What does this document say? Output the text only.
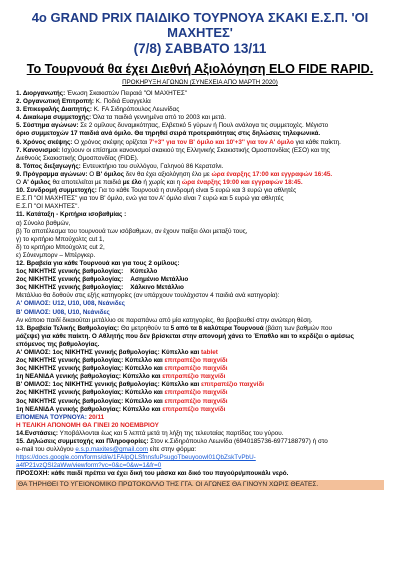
4ο GRAND PRIX ΠΑΙΔΙΚΟ ΤΟΥΡΝΟΥΑ ΣΚΑΚΙ Ε.Σ.Π. 'ΟΙ ΜΑΧΗΤΕΣ'
(7/8) ΣΑΒΒΑΤΟ 13/11
Το Τουρνουά θα έχει Διεθνή Αξιολόγηση ELO FIDE RAPID.
ΠΡΟΚΗΡΥΞΗ ΑΓΩΝΩΝ (ΣΥΝΕΧΕΙΑ ΑΠΟ ΜΑΡΤΗ 2020)
1. Διοργανωτής: Ένωση Σκακιστών Πειραιά "ΟΙ ΜΑΧΗΤΕΣ"
2. Οργανωτική Επιτροπή: Κ. Ποδιά Ευαγγελία
3. Επικεφαλής Διαιτητής: Κ. FA Σιδηρόπουλος Λεωνίδας
4. Δικαίωμα συμμετοχής: Όλα τα παιδιά γεννημένα από το 2003 και μετά.
5. Σύστημα αγώνων: Σε 2 ομίλους δυναμικότητας, Ελβετικό 5 γύρων ή Πουλ ανάλογα τις συμμετοχές. Μέγιστο
όριο συμμετοχών 17 παιδιά ανά όμιλο. Θα τηρηθεί σειρά προτεραιότητας στις δηλώσεις τηλεφωνικά.
6. Χρόνος σκέψης: Ο χρόνος σκέψης ορίζεται 7'+3'' για τον Β' όμιλο και 10'+3'' για τον Α' όμιλο για κάθε παίκτη.
7. Κανονισμοί: Ισχύουν οι επίσημοι κανονισμοί σκακιού της Ελληνικής Σκακιστικής Ομοσπονδίας (ΕΣΟ) και της
Διεθνούς Σκακιστικής Ομοσπονδίας (FIDE).
8. Τόπος διεξαγωγής: Εντευκτήριο του συλλόγου, Γαληνού 86 Κερατσίνι.
9. Πρόγραμμα αγώνων: Ο Β' όμιλος δεν θα έχει αξιολόγηση έλο με ώρα έναρξης 17:00 και εγγραφών 16:45.
Ο Α' όμιλος θα αποτελείται με παιδιά με έλο ή χωρίς και η ώρα έναρξης 19:00 και εγγραφών 18:45.
10. Συνδρομή συμμετοχής: Για το κάθε Τουρνουά η συνδρομή είναι 5 ευρώ και 3 ευρώ για αθλητές
Ε.Σ.Π "ΟΙ ΜΑΧΗΤΕΣ" για τον Β' όμιλο, ενώ για τον Α' όμιλο είναι 7 ευρώ και 5 ευρώ για αθλητές
Ε.Σ.Π "ΟΙ ΜΑΧΗΤΕΣ".
11. Κατάταξη - Κριτήρια ισοβαθμίας :
α) Σύνολο βαθμών,
β) Το αποτέλεσμα του τουρνουά των ισόβαθμων, αν έχουν παίξει όλοι μεταξύ τους,
γ) το κριτήριο Μπούχολτς cut 1,
δ) το κριτήριο Μπούχολτς cut 2,
ε) Σόνενμπορν – Μπέργκερ.
12. Βραβεία για κάθε Τουρνουά και για τους 2 ομίλους:
1ος ΝΙΚΗΤΗΣ γενικής βαθμολογίας: Κύπελλο
2ος ΝΙΚΗΤΗΣ γενικής βαθμολογίας: Ασημένιο Μετάλλιο
3ος ΝΙΚΗΤΗΣ γενικής βαθμολογίας: Χάλκινο Μετάλλιο
Μετάλλιο θα δοθούν στις εξής κατηγορίες (αν υπάρχουν τουλάχιστον 4 παιδιά ανά κατηγορία):
Α' ΟΜΙΛΟΣ: U12, U10, U08, Νεάνιδες
Β' ΟΜΙΛΟΣ: U08, U10, Νεάνιδες
Αν κάποιο παιδί δικαιούται μετάλλιο σε παραπάνω από μία κατηγορίες, θα βραβευθεί στην ανώτερη θέση.
13. Βραβεία Τελικής Βαθμολογίας: Θα μετρηθούν τα 5 από τα 8 καλύτερα Τουρνουά (βάση των βαθμών που
μάζεψε) για κάθε παίκτη. Ο Αθλητής που δεν βρίσκεται στην απονομή χάνει το Έπαθλο και το κερδίζει ο αμέσως
επόμενος της βαθμολογίας.
Α' ΟΜΙΛΟΣ: 1ος ΝΙΚΗΤΗΣ γενικής βαθμολογίας: Κύπελλο και tablet
2ος ΝΙΚΗΤΗΣ γενικής βαθμολογίας: Κύπελλο και επιτραπέζιο παιχνίδι
3ος ΝΙΚΗΤΗΣ γενικής βαθμολογίας: Κύπελλο και επιτραπέζιο παιχνίδι
1η ΝΕΑΝΙΔΑ γενικής βαθμολογίας: Κύπελλο και επιτραπέζιο παιχνίδι
Β' ΟΜΙΛΟΣ: 1ος ΝΙΚΗΤΗΣ γενικής βαθμολογίας: Κύπελλο και επιτραπέζιο παιχνίδι
2ος ΝΙΚΗΤΗΣ γενικής βαθμολογίας: Κύπελλο και επιτραπέζιο παιχνίδι
3ος ΝΙΚΗΤΗΣ γενικής βαθμολογίας: Κύπελλο και επιτραπέζιο παιχνίδι
1η ΝΕΑΝΙΔΑ γενικής βαθμολογίας: Κύπελλο και επιτραπέζιο παιχνίδι
ΕΠΟΜΕΝΑ ΤΟΥΡΝΟΥΑ: 20/11
Η ΤΕΛΙΚΗ ΑΠΟΝΟΜΗ ΘΑ ΓΙΝΕΙ 20 ΝΟΕΜΒΡΙΟΥ
14.Ενστάσεις: Υποβάλλονται έως και 5 λεπτά μετά τη λήξη της τελευταίας παρτίδας του γύρου.
15. Δηλώσεις συμμετοχής και Πληροφορίες: Στον κ.Σιδηρόπουλο Λεωνίδα (6940185736-6977188797) ή στο
e-mail του συλλόγου e.s.p.maxites@gmail.com είτε στην φόρμα:
https://docs.google.com/forms/d/e/1FAIpQLSfnnsfuPsugoTbeuyoowI01QbZskTvPbU-
a4fP21vzQSI2aWw/viewform?vc=0&c=0&w=1&fr=0
ΠΡΟΣΟΧΗ: κάθε παιδί πρέπει να έχει δική του μάσκα και δικό του παγούρι/μπουκάλι νερό.
ΘΑ ΤΗΡΗΘΕΙ ΤΟ ΥΓΕΙΟΝΟΜΙΚΟ ΠΡΩΤΟΚΟΛΛΟ ΤΗΣ ΓΓΑ. ΟΙ ΑΓΩΝΕΣ ΘΑ ΓΙΝΟΥΝ ΧΩΡΙΣ ΘΕΑΤΕΣ.
